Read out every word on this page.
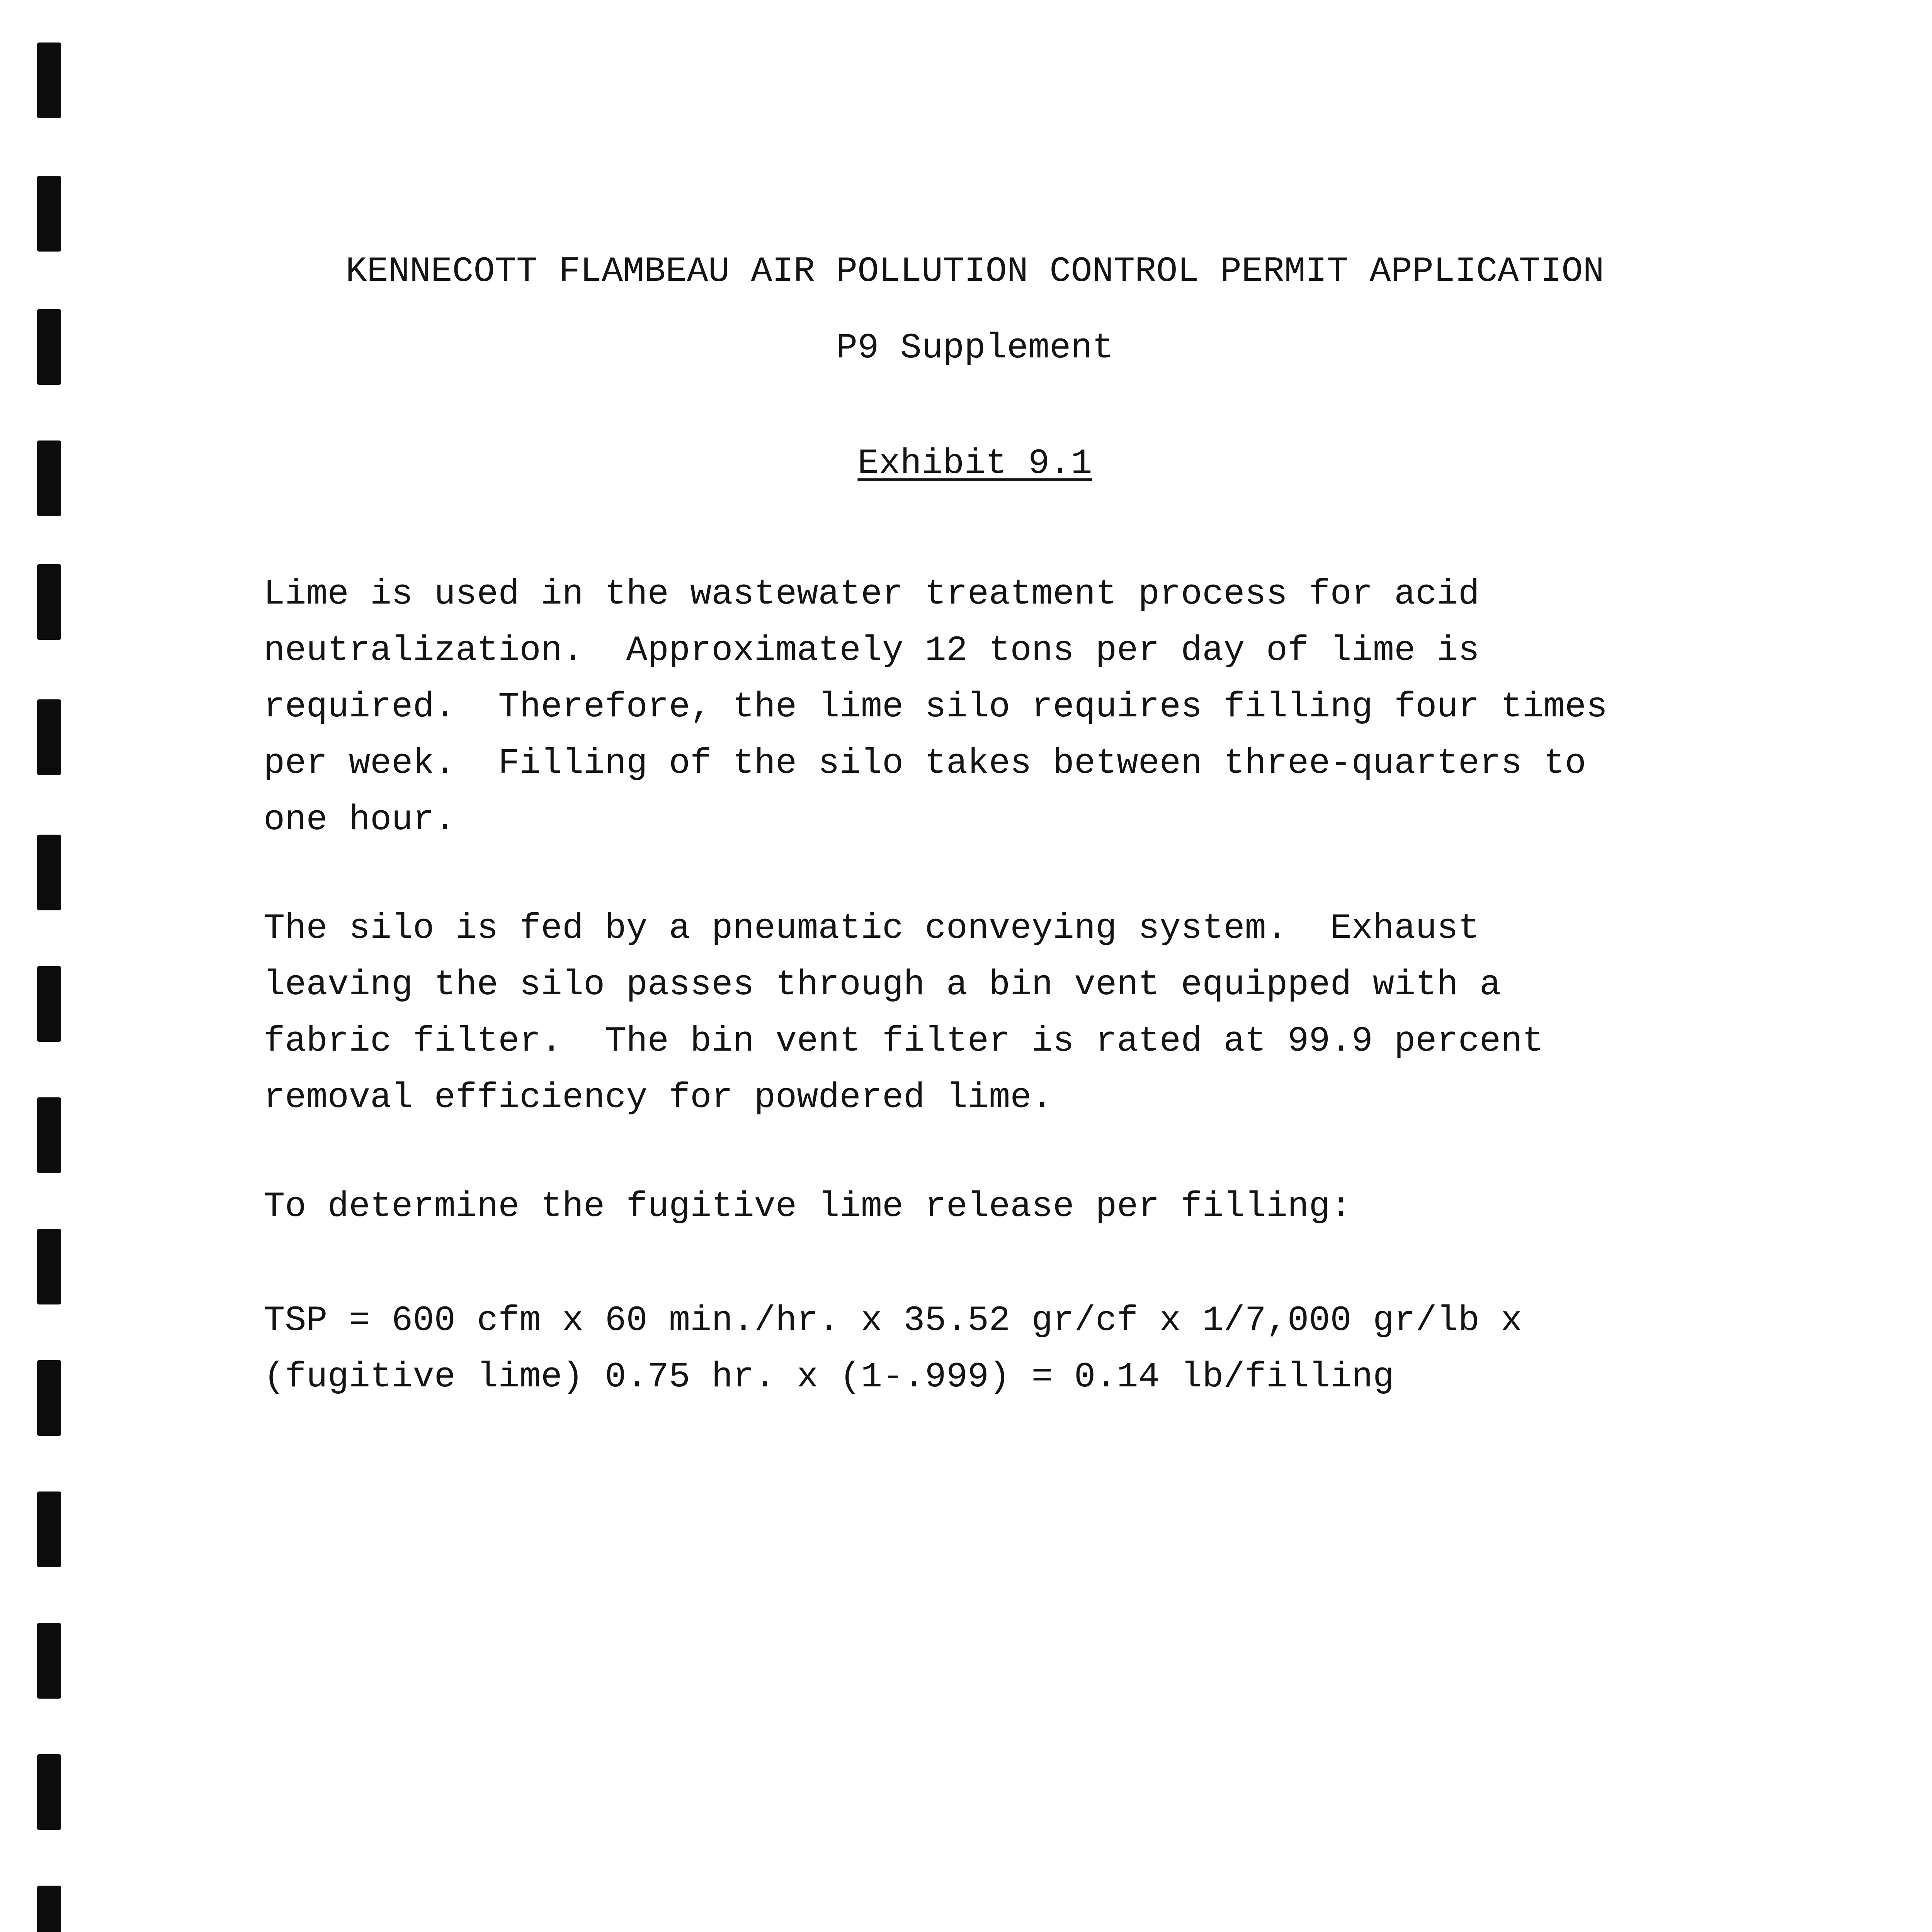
KENNECOTT FLAMBEAU AIR POLLUTION CONTROL PERMIT APPLICATION
P9 Supplement
Exhibit 9.1
Lime is used in the wastewater treatment process for acid
neutralization.  Approximately 12 tons per day of lime is
required.  Therefore, the lime silo requires filling four times
per week.  Filling of the silo takes between three-quarters to
one hour.
The silo is fed by a pneumatic conveying system.  Exhaust
leaving the silo passes through a bin vent equipped with a
fabric filter.  The bin vent filter is rated at 99.9 percent
removal efficiency for powdered lime.
To determine the fugitive lime release per filling:
TSP = 600 cfm x 60 min./hr. x 35.52 gr/cf x 1/7,000 gr/lb x
(fugitive lime) 0.75 hr. x (1-.999) = 0.14 lb/filling
